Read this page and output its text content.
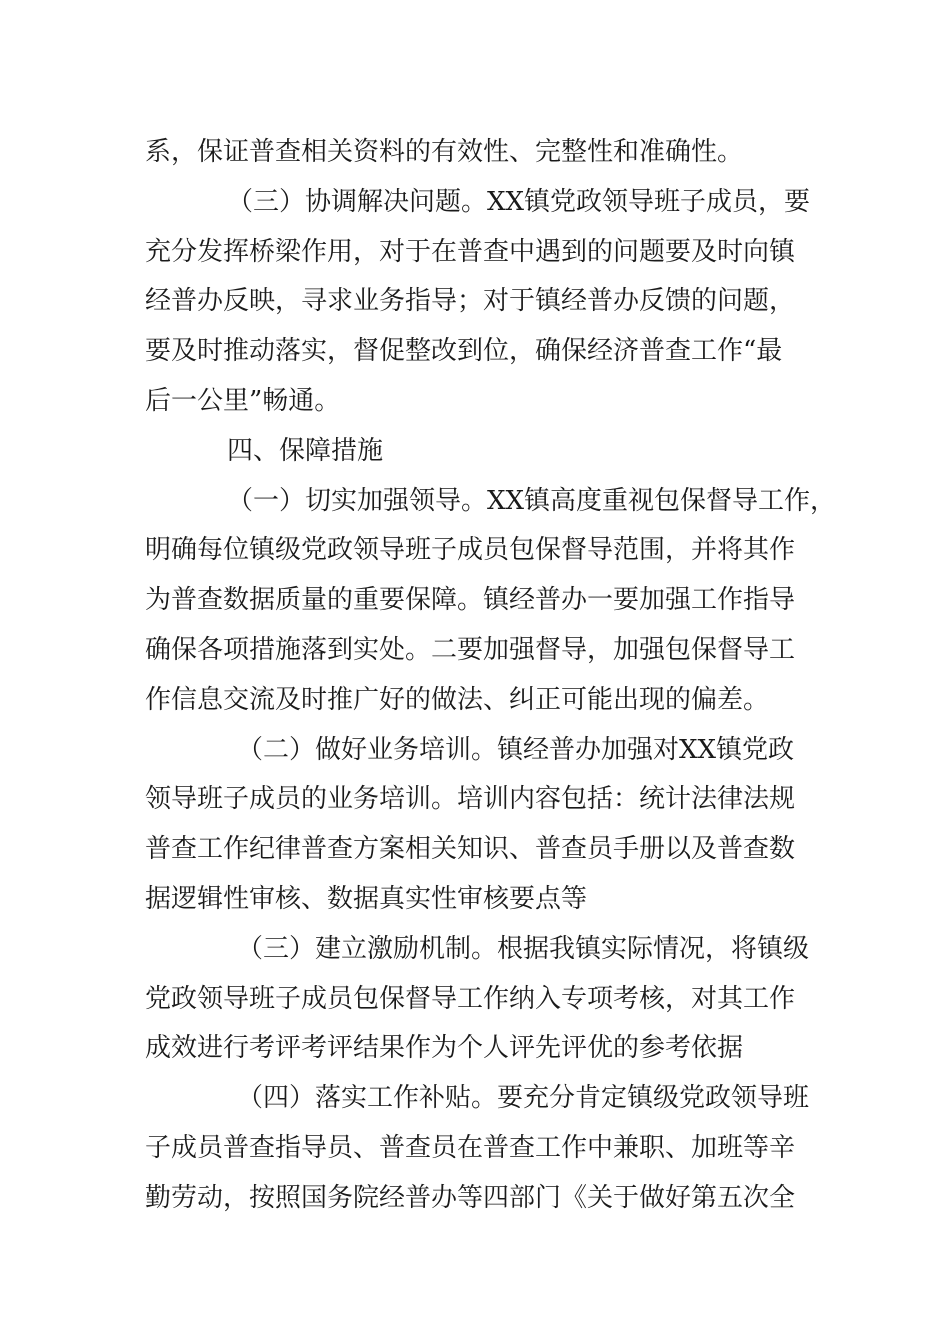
系，保证普查相关资料的有效性、完整性和准确性。
（三）协调解决问题。XX镇党政领导班子成员，要
充分发挥桥梁作用，对于在普查中遇到的问题要及时向镇
经普办反映，寻求业务指导；对于镇经普办反馈的问题，
要及时推动落实，督促整改到位，确保经济普查工作“最
后一公里”畅通。
四、保障措施
（一）切实加强领导。XX镇高度重视包保督导工作，
明确每位镇级党政领导班子成员包保督导范围，并将其作
为普查数据质量的重要保障。镇经普办一要加强工作指导
确保各项措施落到实处。二要加强督导，加强包保督导工
作信息交流及时推广好的做法、纠正可能出现的偏差。
（二）做好业务培训。镇经普办加强对XX镇党政
领导班子成员的业务培训。培训内容包括：统计法律法规
普查工作纪律普查方案相关知识、普查员手册以及普查数
据逻辑性审核、数据真实性审核要点等
（三）建立激励机制。根据我镇实际情况，将镇级
党政领导班子成员包保督导工作纳入专项考核，对其工作
成效进行考评考评结果作为个人评先评优的参考依据
（四）落实工作补贴。要充分肯定镇级党政领导班
子成员普查指导员、普查员在普查工作中兼职、加班等辛
勤劳动，按照国务院经普办等四部门《关于做好第五次全
